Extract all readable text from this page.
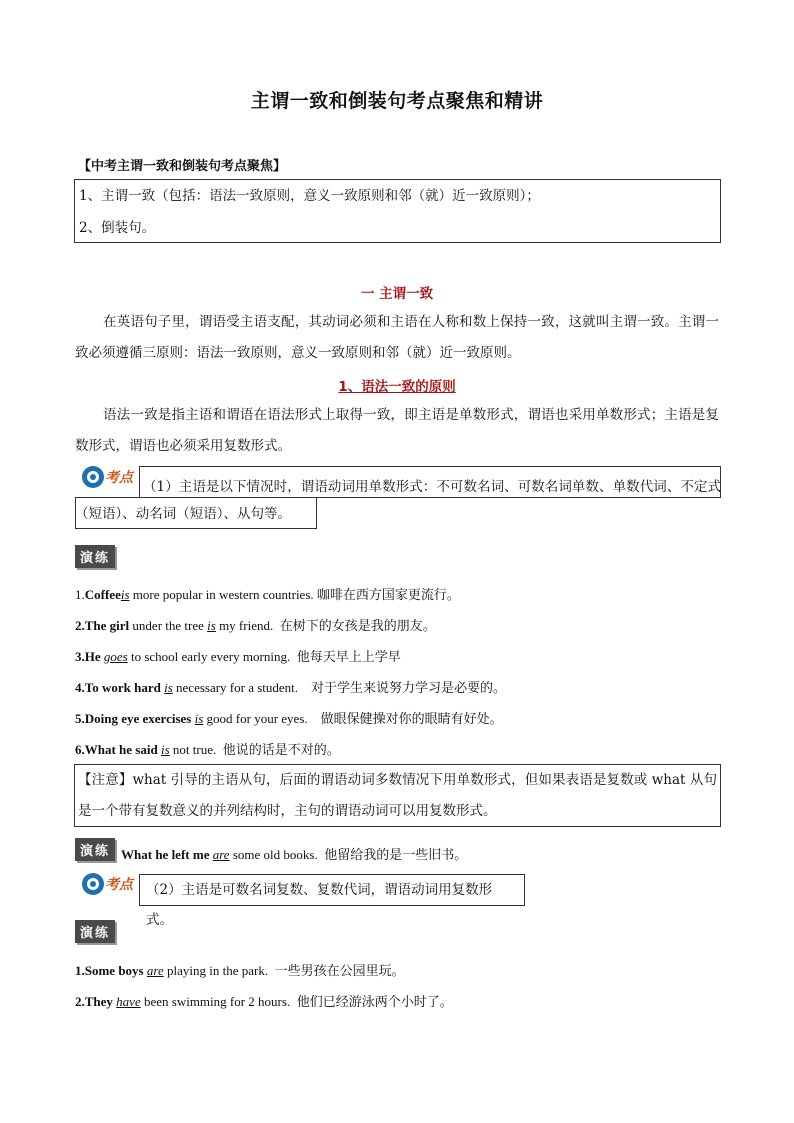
主谓一致和倒装句考点聚焦和精讲
【中考主谓一致和倒装句考点聚焦】
1、主谓一致（包括：语法一致原则，意义一致原则和邻（就）近一致原则）；
2、倒装句。
一 主谓一致
在英语句子里，谓语受主语支配，其动词必须和主语在人称和数上保持一致，这就叫主谓一致。主谓一致必须遵循三原则：语法一致原则，意义一致原则和邻（就）近一致原则。
1、语法一致的原则
语法一致是指主语和谓语在语法形式上取得一致，即主语是单数形式，谓语也采用单数形式；主语是复数形式，谓语也必须采用复数形式。
考点
（1）主语是以下情况时，谓语动词用单数形式：不可数名词、可数名词单数、单数代词、不定式（短语）、动名词（短语）、从句等。
演练
1.Coffeeis more popular in western countries. 咖啡在西方国家更流行。
2.The girl under the tree is my friend. 在树下的女孩是我的朋友。
3.He goes to school early every morning. 他每天早上上学早
4.To work hard is necessary for a student. 对于学生来说努力学习是必要的。
5.Doing eye exercises is good for your eyes. 做眼保健操对你的眼睛有好处。
6.What he said is not true. 他说的话是不对的。
【注意】what 引导的主语从句，后面的谓语动词多数情况下用单数形式，但如果表语是复数或 what 从句是一个带有复数意义的并列结构时，主句的谓语动词可以用复数形式。
演练 What he left me are some old books. 他留给我的是一些旧书。
考点 （2）主语是可数名词复数、复数代词，谓语动词用复数形式。
演练
1.Some boys are playing in the park. 一些男孩在公园里玩。
2.They have been swimming for 2 hours. 他们已经游泳两个小时了。
